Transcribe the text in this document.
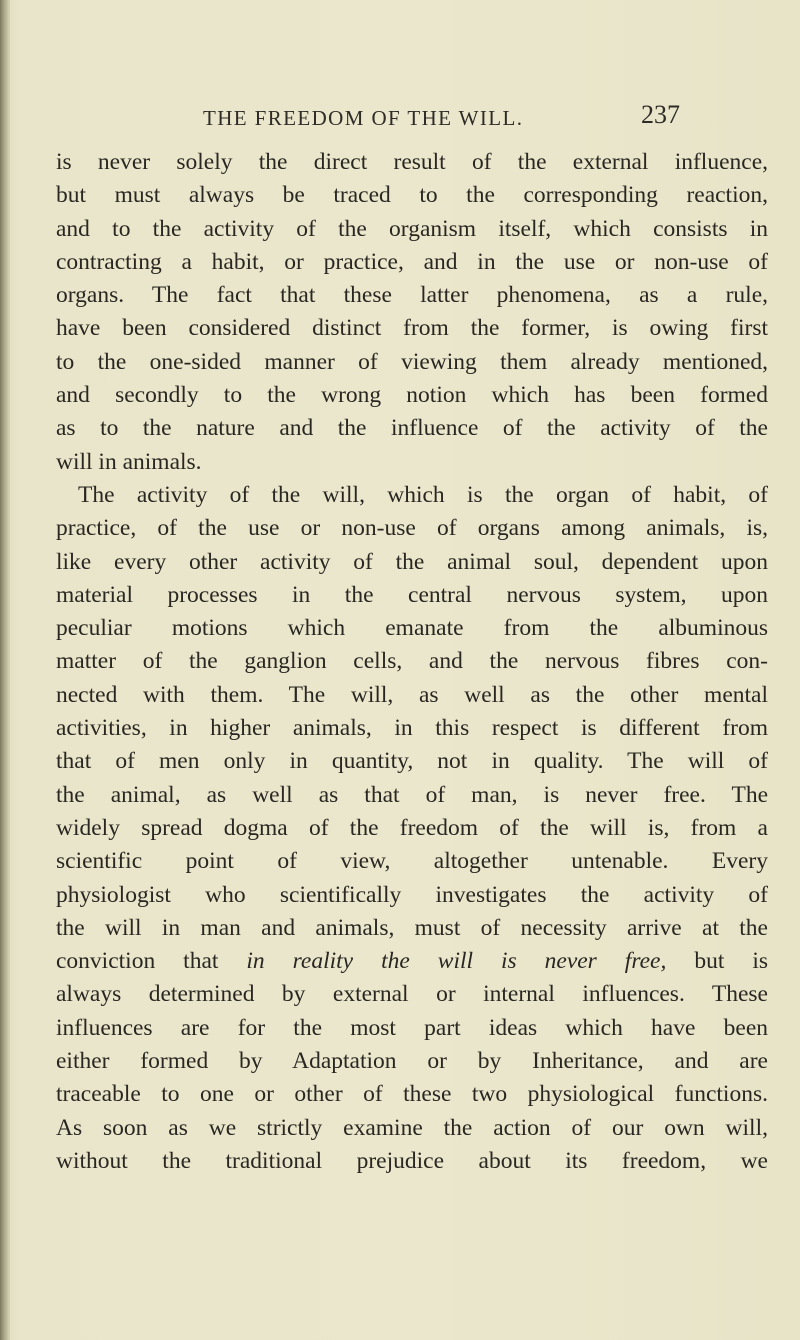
THE FREEDOM OF THE WILL.	237
is never solely the direct result of the external influence,
but must always be traced to the corresponding reaction,
and to the activity of the organism itself, which consists in
contracting a habit, or practice, and in the use or non-use of
organs. The fact that these latter phenomena, as a rule,
have been considered distinct from the former, is owing first
to the one-sided manner of viewing them already mentioned,
and secondly to the wrong notion which has been formed
as to the nature and the influence of the activity of the
will in animals.
The activity of the will, which is the organ of habit, of
practice, of the use or non-use of organs among animals, is,
like every other activity of the animal soul, dependent upon
material processes in the central nervous system, upon
peculiar motions which emanate from the albuminous
matter of the ganglion cells, and the nervous fibres con-
nected with them. The will, as well as the other mental
activities, in higher animals, in this respect is different from
that of men only in quantity, not in quality. The will of
the animal, as well as that of man, is never free. The
widely spread dogma of the freedom of the will is, from a
scientific point of view, altogether untenable. Every
physiologist who scientifically investigates the activity of
the will in man and animals, must of necessity arrive at the
conviction that in reality the will is never free, but is
always determined by external or internal influences. These
influences are for the most part ideas which have been
either formed by Adaptation or by Inheritance, and are
traceable to one or other of these two physiological functions.
As soon as we strictly examine the action of our own will,
without the traditional prejudice about its freedom, we
